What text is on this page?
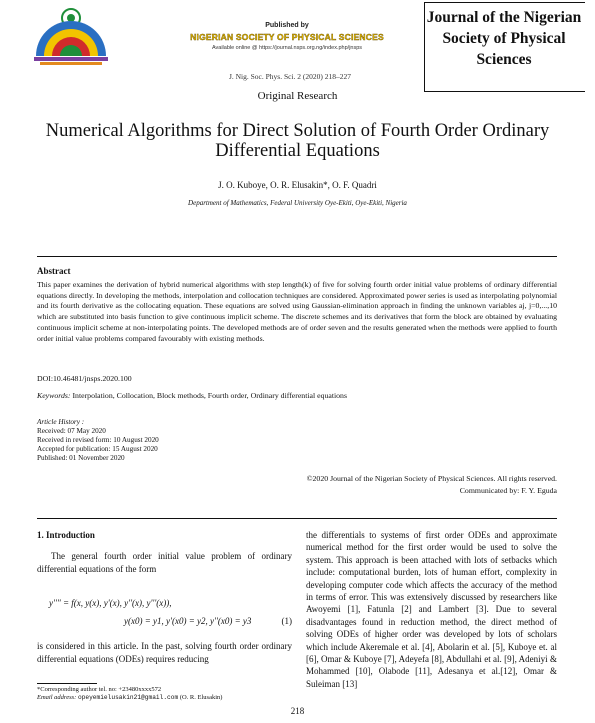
Published by
NIGERIAN SOCIETY OF PHYSICAL SCIENCES
Available online @ https://journal.nsps.org.ng/index.php/jnsps
Journal of the Nigerian Society of Physical Sciences
J. Nig. Soc. Phys. Sci. 2 (2020) 218–227
Original Research
Numerical Algorithms for Direct Solution of Fourth Order Ordinary Differential Equations
J. O. Kuboye, O. R. Elusakin*, O. F. Quadri
Department of Mathematics, Federal University Oye-Ekiti, Oye-Ekiti, Nigeria
Abstract
This paper examines the derivation of hybrid numerical algorithms with step length(k) of five for solving fourth order initial value problems of ordinary differential equations directly. In developing the methods, interpolation and collocation techniques are considered. Approximated power series is used as interpolating polynomial and its fourth derivative as the collocating equation. These equations are solved using Gaussian-elimination approach in finding the unknown variables aj, j=0,...,10 which are substituted into basis function to give continuous implicit scheme. The discrete schemes and its derivatives that form the block are obtained by evaluating continuous implicit scheme at non-interpolating points. The developed methods are of order seven and the results generated when the methods were applied to fourth order initial value problems compared favourably with existing methods.
DOI:10.46481/jnsps.2020.100
Keywords: Interpolation, Collocation, Block methods, Fourth order, Ordinary differential equations
Article History :
Received: 07 May 2020
Received in revised form: 10 August 2020
Accepted for publication: 15 August 2020
Published: 01 November 2020
©2020 Journal of the Nigerian Society of Physical Sciences. All rights reserved.
Communicated by: F. Y. Eguda
1. Introduction
The general fourth order initial value problem of ordinary differential equations of the form
y'''' = f(x, y(x), y'(x), y''(x), y'''(x)),
y(x0) = y1, y'(x0) = y2, y''(x0) = y3	(1)
is considered in this article. In the past, solving fourth order ordinary differential equations (ODEs) requires reducing
*Corresponding author tel. no: +23480xxxx572
Email address: opeyemielusakin21@gmail.com (O. R. Elusakin)
the differentials to systems of first order ODEs and approximate numerical method for the first order would be used to solve the system. This approach is been attached with lots of setbacks which include: computational burden, lots of human effort, complexity in developing computer code which affects the accuracy of the method in terms of error. This was extensively discussed by researchers like Awoyemi [1], Fatunla [2] and Lambert [3]. Due to several disadvantages found in reduction method, the direct method of solving ODEs of higher order was developed by lots of scholars which include Akeremale et al. [4], Abolarin et al. [5], Kuboye et. al [6], Omar & Kuboye [7], Adeyefa [8], Abdullahi et al. [9], Adeniyi & Mohammed [10], Olabode [11], Adesanya et al.[12], Omar & Suleiman [13]
218
